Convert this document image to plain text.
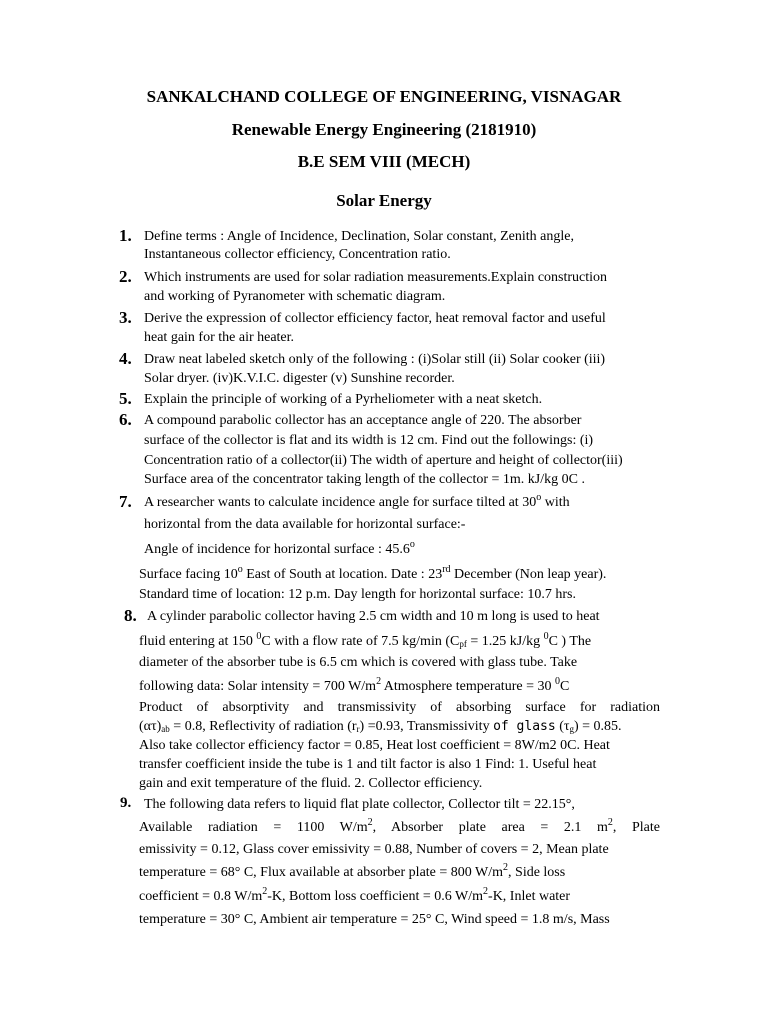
SANKALCHAND COLLEGE OF ENGINEERING, VISNAGAR
Renewable Energy Engineering (2181910)
B.E SEM VIII (MECH)
Solar Energy
1. Define terms : Angle of Incidence, Declination, Solar constant, Zenith angle,
Instantaneous collector efficiency, Concentration ratio.
2. Which instruments are used for solar radiation measurements.Explain construction
and working of Pyranometer with schematic diagram.
3. Derive the expression of collector efficiency factor, heat removal factor and useful
heat gain for the air heater.
4. Draw neat labeled sketch only of the following : (i)Solar still (ii) Solar cooker (iii)
Solar dryer. (iv)K.V.I.C. digester (v) Sunshine recorder.
5. Explain the principle of working of a Pyrheliometer with a neat sketch.
6. A compound parabolic collector has an acceptance angle of 220. The absorber
surface of the collector is flat and its width is 12 cm. Find out the followings: (i)
Concentration ratio of a collector(ii) The width of aperture and height of collector(iii)
Surface area of the concentrator taking length of the collector = 1m. kJ/kg 0C .
7. A researcher wants to calculate incidence angle for surface tilted at 30$^o$ with
horizontal from the data available for horizontal surface:-
Angle of incidence for horizontal surface : 45.6$^o$
Surface facing 10$^o$ East of South at location. Date : 23rd December (Non leap year).
Standard time of location: 12 p.m. Day length for horizontal surface: 10.7 hrs.
8. A cylinder parabolic collector having 2.5 cm width and 10 m long is used to heat
fluid entering at 150 $^0$C with a flow rate of 7.5 kg/min ($C_{pf} = 1.25$ kJ/kg $^0$C ) The
diameter of the absorber tube is 6.5 cm which is covered with glass tube. Take
following data: Solar intensity = 700 $W/m^2$ Atmosphere temperature = 30 $^0$C
Product of absorptivity and transmissivity of absorbing surface for radiation
$(\alpha\tau)_{ab} = 0.8$, Reflectivity of radiation $(r_r) =0.93$, Transmissivity of glass $(\tau_g) = 0.85$.
Also take collector efficiency factor = 0.85, Heat lost coefficient = 8W/m2 0C. Heat
transfer coefficient inside the tube is 1 and tilt factor is also 1 Find: 1. Useful heat
gain and exit temperature of the fluid. 2. Collector efficiency.
9. The following data refers to liquid flat plate collector, Collector tilt = 22.15°,
Available radiation = 1100 $W/m^2$, Absorber plate area = 2.1 $m^2$, Plate
emissivity = 0.12, Glass cover emissivity = 0.88, Number of covers = 2, Mean plate
temperature = 68° C, Flux available at absorber plate = 800 $W/m^2$, Side loss
coefficient = 0.8 $W/m^2-K$, Bottom loss coefficient = 0.6 $W/m^2-K$, Inlet water
temperature = 30° C, Ambient air temperature = 25° C, Wind speed = 1.8 m/s, Mass
